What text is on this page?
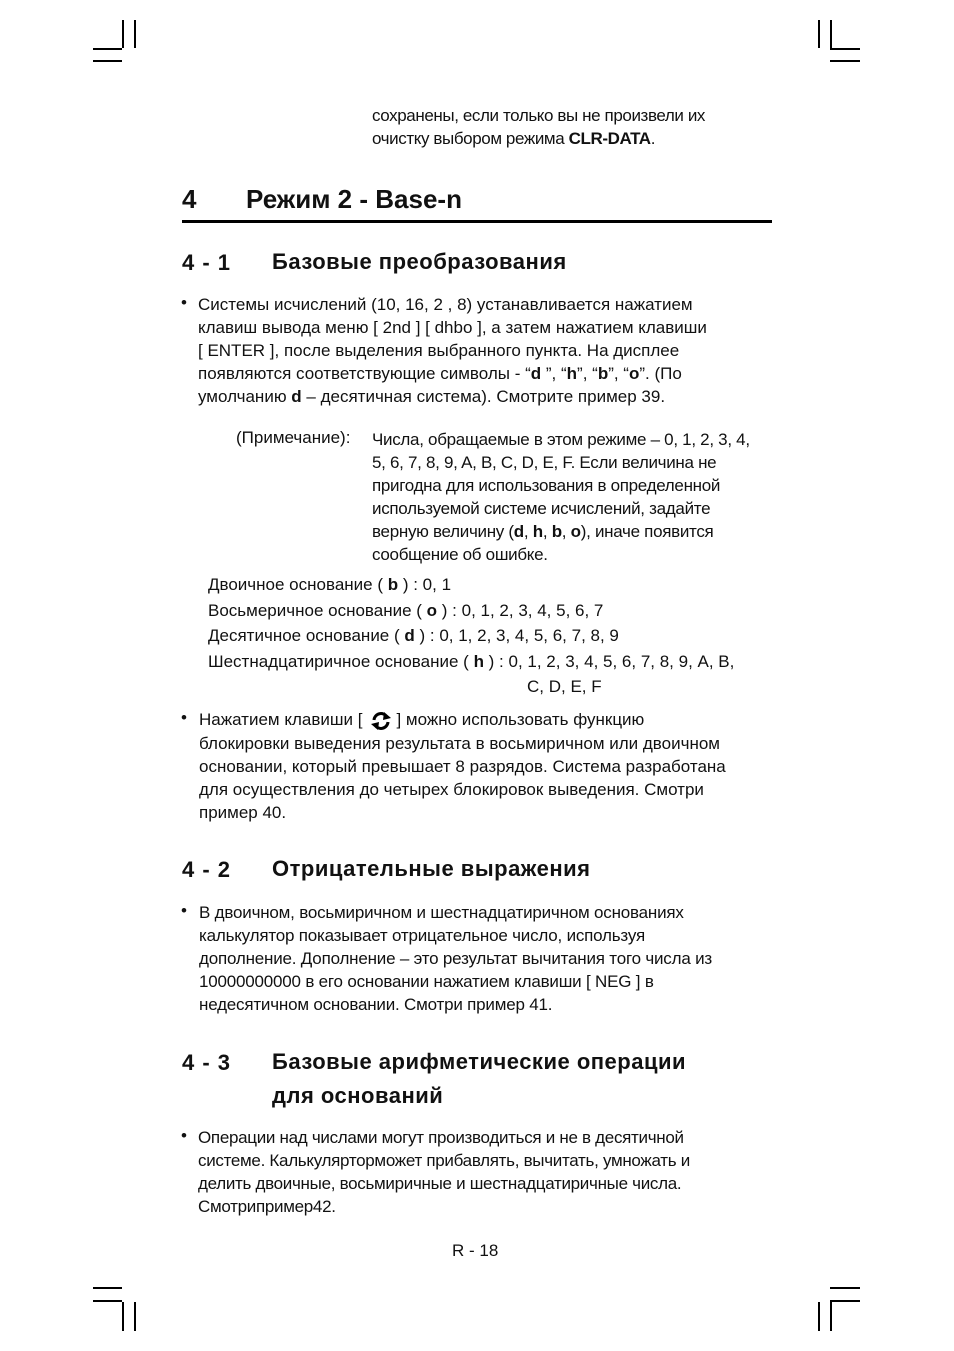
сохранены, если только вы не произвели их
очистку выбором режима CLR-DATA.
4 Режим 2 - Base-n
4 - 1 Базовые преобразования
• Системы исчислений (10, 16, 2 , 8) устанавливается нажатием
клавиш вывода меню [ 2nd ] [ dhbo ], а затем нажатием клавиши
[ ENTER ], после выделения выбранного пункта. На дисплее
появляются соответствующие символы - “d ”, “h”, “b”, “o”. (По
умолчанию d – десятичная система). Смотрите пример 39.
(Примечание): Числа, обращаемые в этом режиме – 0, 1, 2, 3, 4,
5, 6, 7, 8, 9, A, B, C, D, E, F. Если величина не
пригодна для использования в определенной
используемой системе исчислений, задайте
верную величину (d, h, b, o), иначе появится
сообщение об ошибке.
Двоичное основание ( b ) : 0, 1
Восьмеричное основание ( o ) : 0, 1, 2, 3, 4, 5, 6, 7
Десятичное основание ( d ) : 0, 1, 2, 3, 4, 5, 6, 7, 8, 9
Шестнадцатиричное основание ( h ) : 0, 1, 2, 3, 4, 5, 6, 7, 8, 9, A, B,
C, D, E, F
• Нажатием клавиши [ ] можно использовать функцию
блокировки выведения результата в восьмиричном или двоичном
основании, который превышает 8 разрядов. Система разработана
для осуществления до четырех блокировок выведения. Смотри
пример 40.
4 - 2 Отрицательные выражения
• В двоичном, восьмиричном и шестнадцатиричном основаниях
калькулятор показывает отрицательное число, используя
дополнение. Дополнение – это результат вычитания того числа из
10000000000 в его основании нажатием клавиши [ NEG ] в
недесятичном основании. Смотри пример 41.
4 - 3 Базовые арифметические операции
для оснований
• Операции над числами могут производиться и не в десятичной
системе. Калькулярторможет прибавлять, вычитать, умножать и
делить двоичные, восьмиричные и шестнадцатиричные числа.
Смотрипример42.
R - 18
